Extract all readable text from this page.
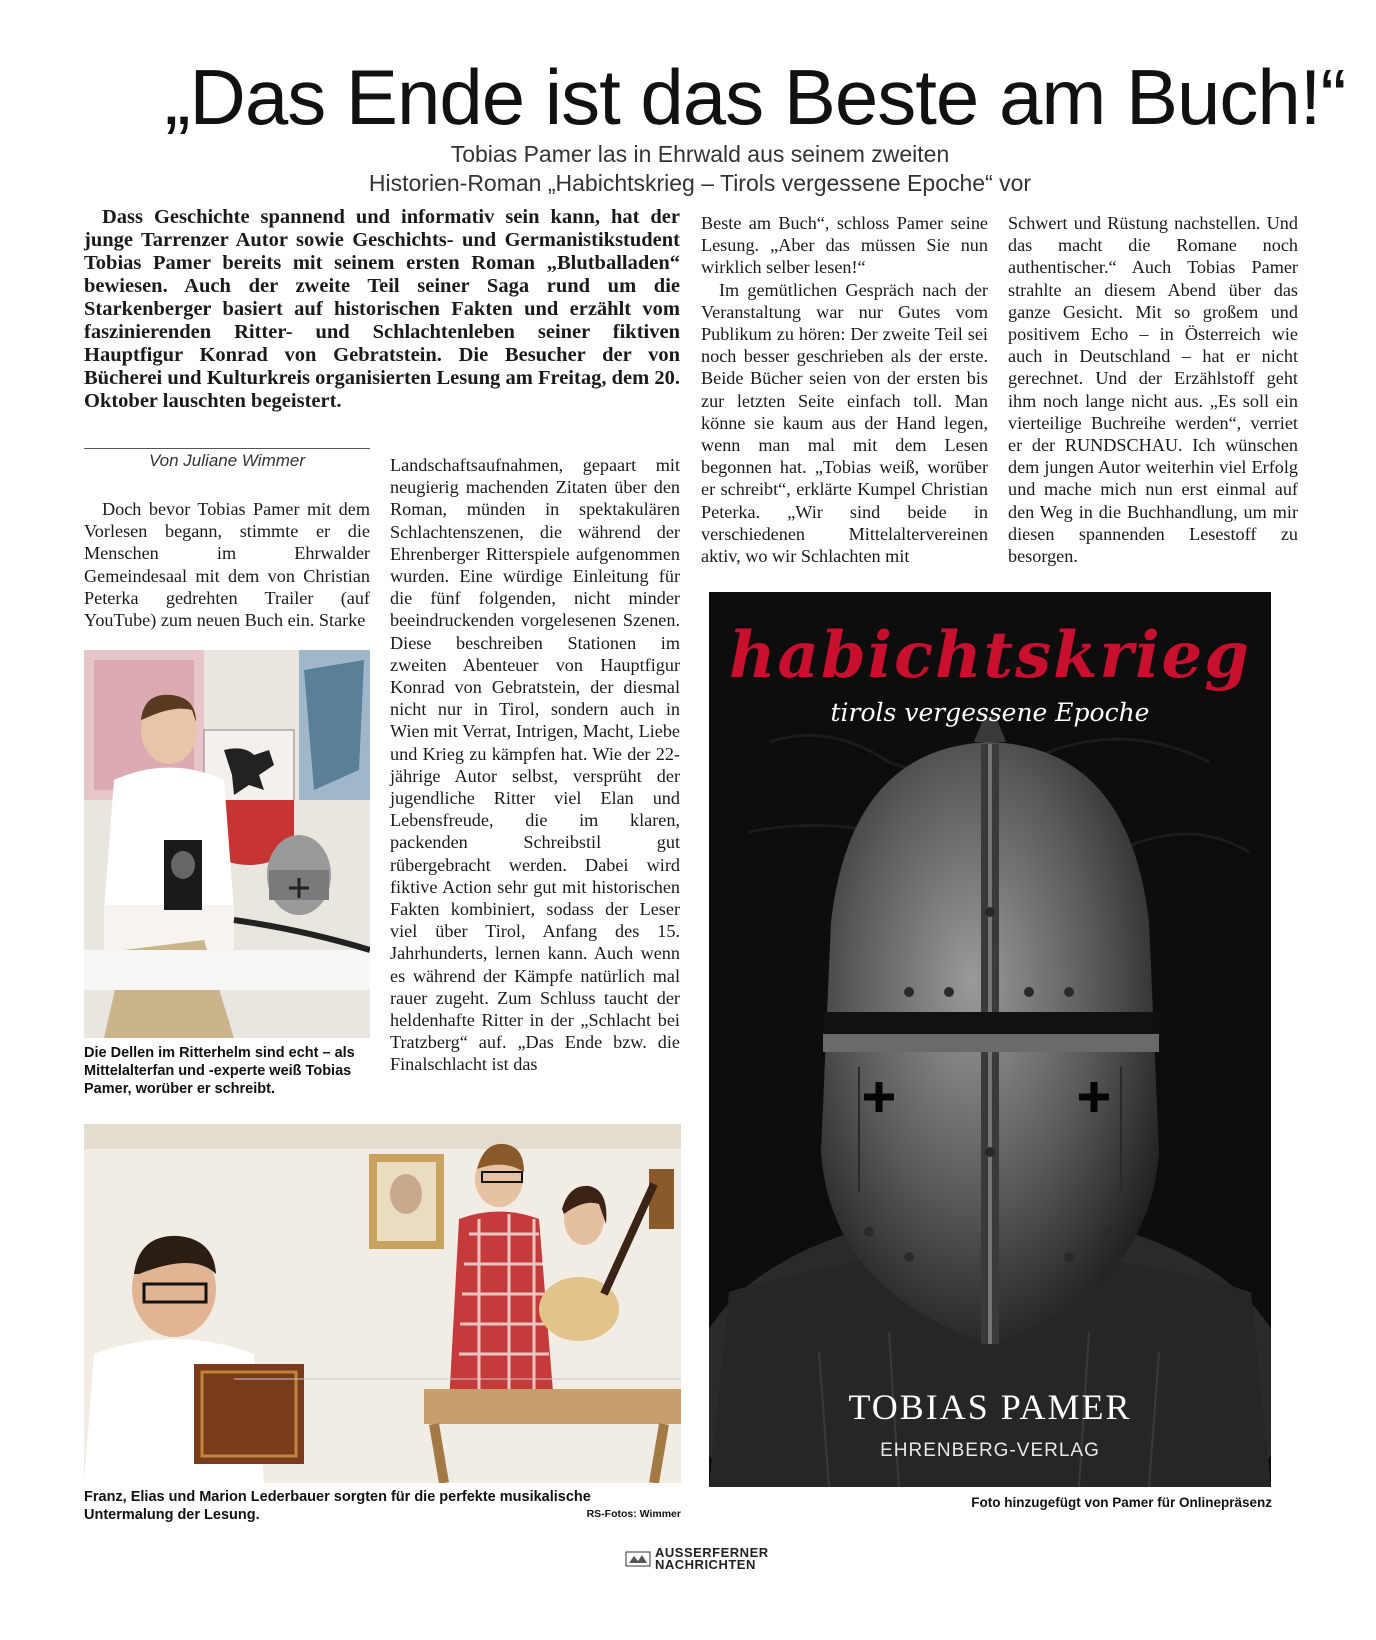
„Das Ende ist das Beste am Buch!“
Tobias Pamer las in Ehrwald aus seinem zweiten
Historien-Roman „Habichtskrieg – Tirols vergessene Epoche“ vor
Dass Geschichte spannend und informativ sein kann, hat der junge Tarrenzer Autor sowie Geschichts- und Germanistikstudent Tobias Pamer bereits mit seinem ersten Roman „Blutballaden“ bewiesen. Auch der zweite Teil seiner Saga rund um die Starkenberger basiert auf historischen Fakten und erzählt vom faszinierenden Ritter- und Schlachtenleben seiner fiktiven Hauptfigur Konrad von Gebratstein. Die Besucher der von Bücherei und Kulturkreis organisierten Lesung am Freitag, dem 20. Oktober lauschten begeistert.
Von Juliane Wimmer

Doch bevor Tobias Pamer mit dem Vorlesen begann, stimmte er die Menschen im Ehrwalder Gemeindesaal mit dem von Christian Peterka gedrehten Trailer (auf YouTube) zum neuen Buch ein. Starke

Die Dellen im Ritterhelm sind echt – als Mittelalterfan und -experte weiß Tobias Pamer, worüber er schreibt.

Landschaftsaufnahmen, gepaart mit neugierig machenden Zitaten über den Roman, münden in spektakulären Schlachtenszenen, die während der Ehrenberger Ritterspiele aufgenommen wurden. Eine würdige Einleitung für die fünf folgenden, nicht minder beeindruckenden vorgelesenen Szenen. Diese beschreiben Stationen im zweiten Abenteuer von Hauptfigur Konrad von Gebratstein, der diesmal nicht nur in Tirol, sondern auch in Wien mit Verrat, Intrigen, Macht, Liebe und Krieg zu kämpfen hat. Wie der 22-jährige Autor selbst, versprüht der jugendliche Ritter viel Elan und Lebensfreude, die im klaren, packenden Schreibstil gut rübergebracht werden. Dabei wird fiktive Action sehr gut mit historischen Fakten kombiniert, sodass der Leser viel über Tirol, Anfang des 15. Jahrhunderts, lernen kann. Auch wenn es während der Kämpfe natürlich mal rauer zugeht. Zum Schluss taucht der heldenhafte Ritter in der „Schlacht bei Tratzberg“ auf. „Das Ende bzw. die Finalschlacht ist das

Beste am Buch“, schloss Pamer seine Lesung. „Aber das müssen Sie nun wirklich selber lesen!“

Im gemütlichen Gespräch nach der Veranstaltung war nur Gutes vom Publikum zu hören: Der zweite Teil sei noch besser geschrieben als der erste. Beide Bücher seien von der ersten bis zur letzten Seite einfach toll. Man könne sie kaum aus der Hand legen, wenn man mal mit dem Lesen begonnen hat. „Tobias weiß, worüber er schreibt“, erklärte Kumpel Christian Peterka. „Wir sind beide in verschiedenen Mittelaltervereinen aktiv, wo wir Schlachten mit

Schwert und Rüstung nachstellen. Und das macht die Romane noch authentischer.“ Auch Tobias Pamer strahlte an diesem Abend über das ganze Gesicht. Mit so großem und positivem Echo – in Österreich wie auch in Deutschland – hat er nicht gerechnet. Und der Erzählstoff geht ihm noch lange nicht aus. „Es soll ein vierteilige Buchreihe werden“, verriet er der RUNDSCHAU. Ich wünschen dem jungen Autor weiterhin viel Erfolg und mache mich nun erst einmal auf den Weg in die Buchhandlung, um mir diesen spannenden Lesestoff zu besorgen.

Franz, Elias und Marion Lederbauer sorgten für die perfekte musikalische Untermalung der Lesung.	RS-Fotos: Wimmer
habichtskrieg
tirols vergessene Epoche
TOBIAS PAMER
EHRENBERG-VERLAG
Foto hinzugefügt von Pamer für Onlinepräsenz
AUSSERFERNER
NACHRICHTEN
